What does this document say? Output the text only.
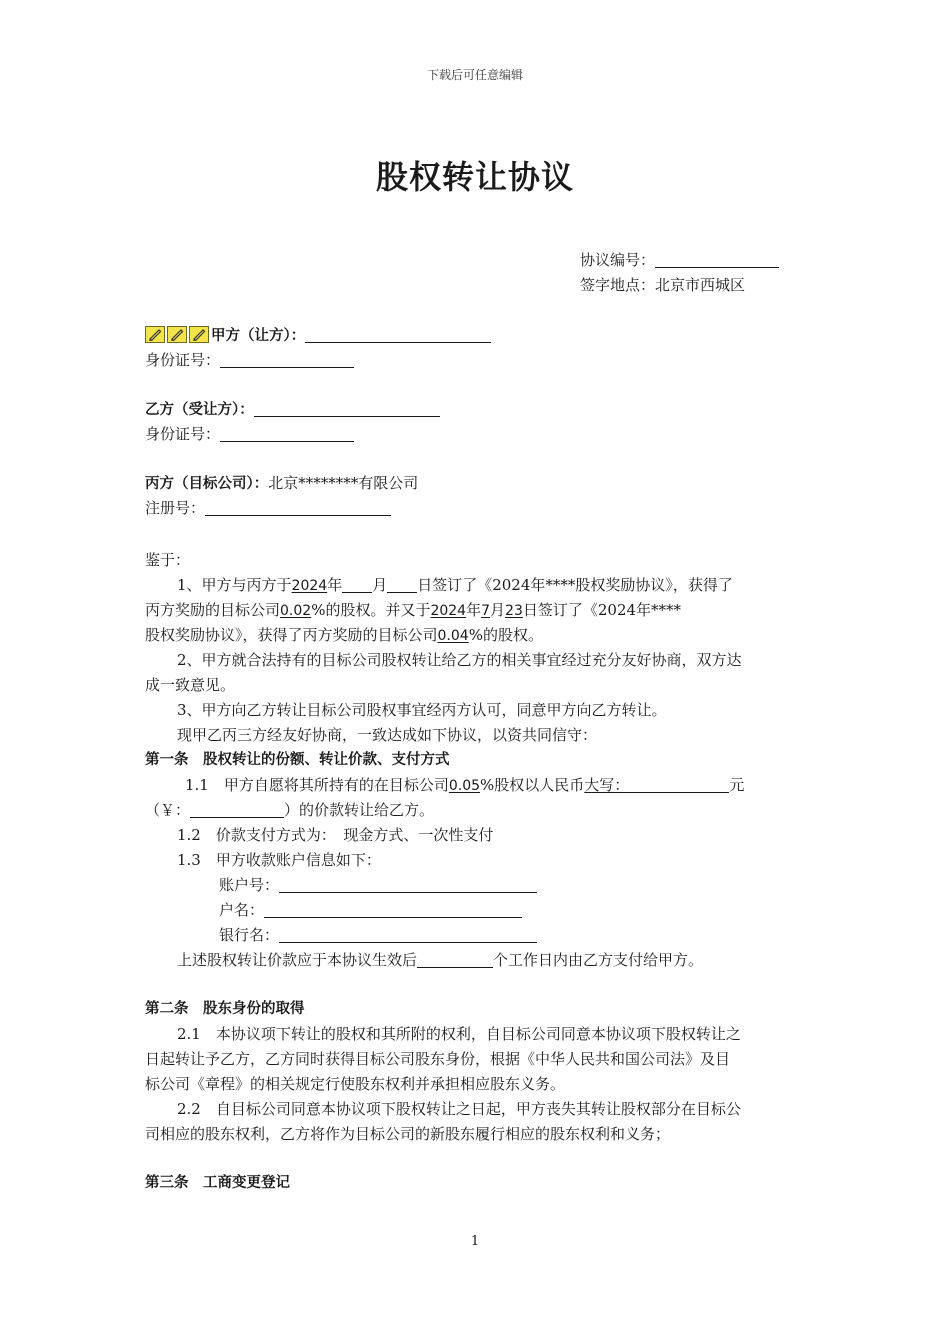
下载后可任意编辑
股权转让协议
协议编号：
签字地点：北京市西城区
甲方（让方）：
身份证号：
乙方（受让方）：
身份证号：
丙方（目标公司）：北京********有限公司
注册号：
鉴于：
1、甲方与丙方于2024年 月 日签订了《2024年****股权奖励协议》，获得了
丙方奖励的目标公司0.02%的股权。并又于2024年7月23日签订了《2024年****
股权奖励协议》，获得了丙方奖励的目标公司0.04%的股权。
2、甲方就合法持有的目标公司股权转让给乙方的相关事宜经过充分友好协商，双方达
成一致意见。
3、甲方向乙方转让目标公司股权事宜经丙方认可，同意甲方向乙方转让。
现甲乙丙三方经友好协商，一致达成如下协议，以资共同信守：
第一条　股权转让的份额、转让价款、支付方式
1.1　甲方自愿将其所持有的在目标公司0.05%股权以人民币大写：	元
（￥：	）的价款转让给乙方。
1.2　价款支付方式为：　现金方式、一次性支付
1.3　甲方收款账户信息如下：
账户号：
户名：
银行名：
上述股权转让价款应于本协议生效后	个工作日内由乙方支付给甲方。
第二条　股东身份的取得
2.1　本协议项下转让的股权和其所附的权利，自目标公司同意本协议项下股权转让之
日起转让予乙方，乙方同时获得目标公司股东身份，根据《中华人民共和国公司法》及目
标公司《章程》的相关规定行使股东权利并承担相应股东义务。
2.2　自目标公司同意本协议项下股权转让之日起，甲方丧失其转让股权部分在目标公
司相应的股东权利，乙方将作为目标公司的新股东履行相应的股东权利和义务；
第三条　工商变更登记
1
